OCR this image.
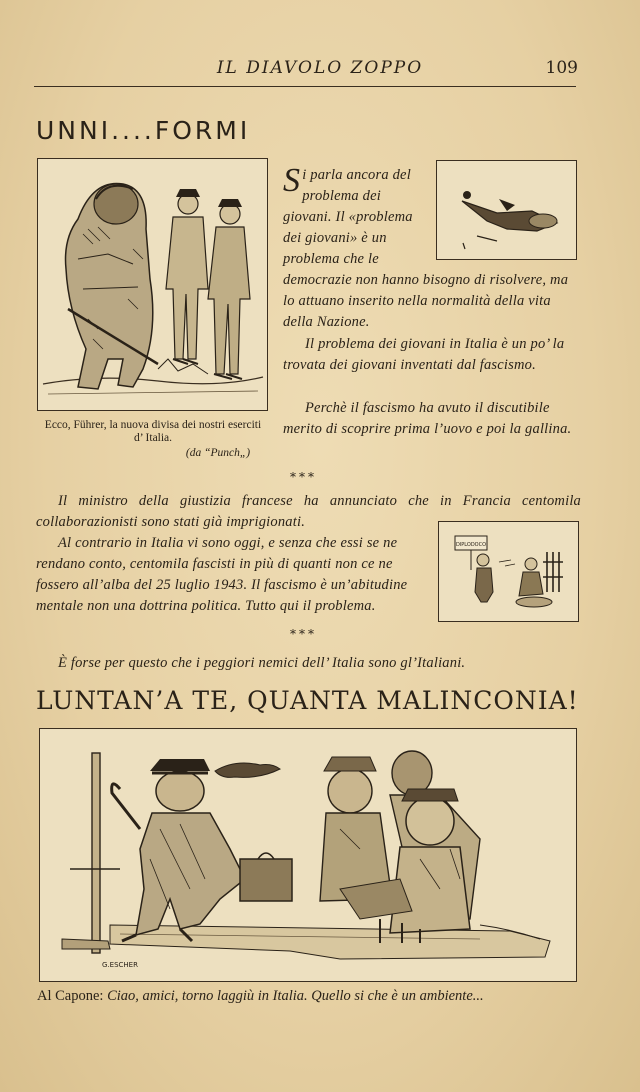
IL DIAVOLO ZOPPO	109
UNNI....FORMI
Ecco, Führer, la nuova divisa dei nostri eserciti d’ Italia.
(da “Punch„)
Si parla ancora del problema dei giovani. Il «problema dei giovani» è un problema che le
democrazie non hanno bisogno di risolvere, ma lo attuano inserito nella normalità della vita della Nazione.
Il problema dei giovani in Italia è un po’ la trovata dei giovani inventati dal fascismo.
Perchè il fascismo ha avuto il discutibile merito di scoprire prima l’uovo e poi la gallina.
***
Il ministro della giustizia francese ha annunciato che in Francia centomila collaborazionisti sono stati già imprigionati.
Al contrario in Italia vi sono oggi, e senza che essi se ne rendano conto, centomila fascisti in più di quanti non ce ne fossero all’alba del 25 luglio 1943. Il fascismo è un’abitudine mentale non una dottrina politica. Tutto qui il problema.
DIPLODOCO
***
È forse per questo che i peggiori nemici dell’ Italia sono gl’Italiani.
LUNTAN’A TE, QUANTA MALINCONIA!
G.ESCHER
Al Capone: Ciao, amici, torno laggiù in Italia. Quello si che è un ambiente...
